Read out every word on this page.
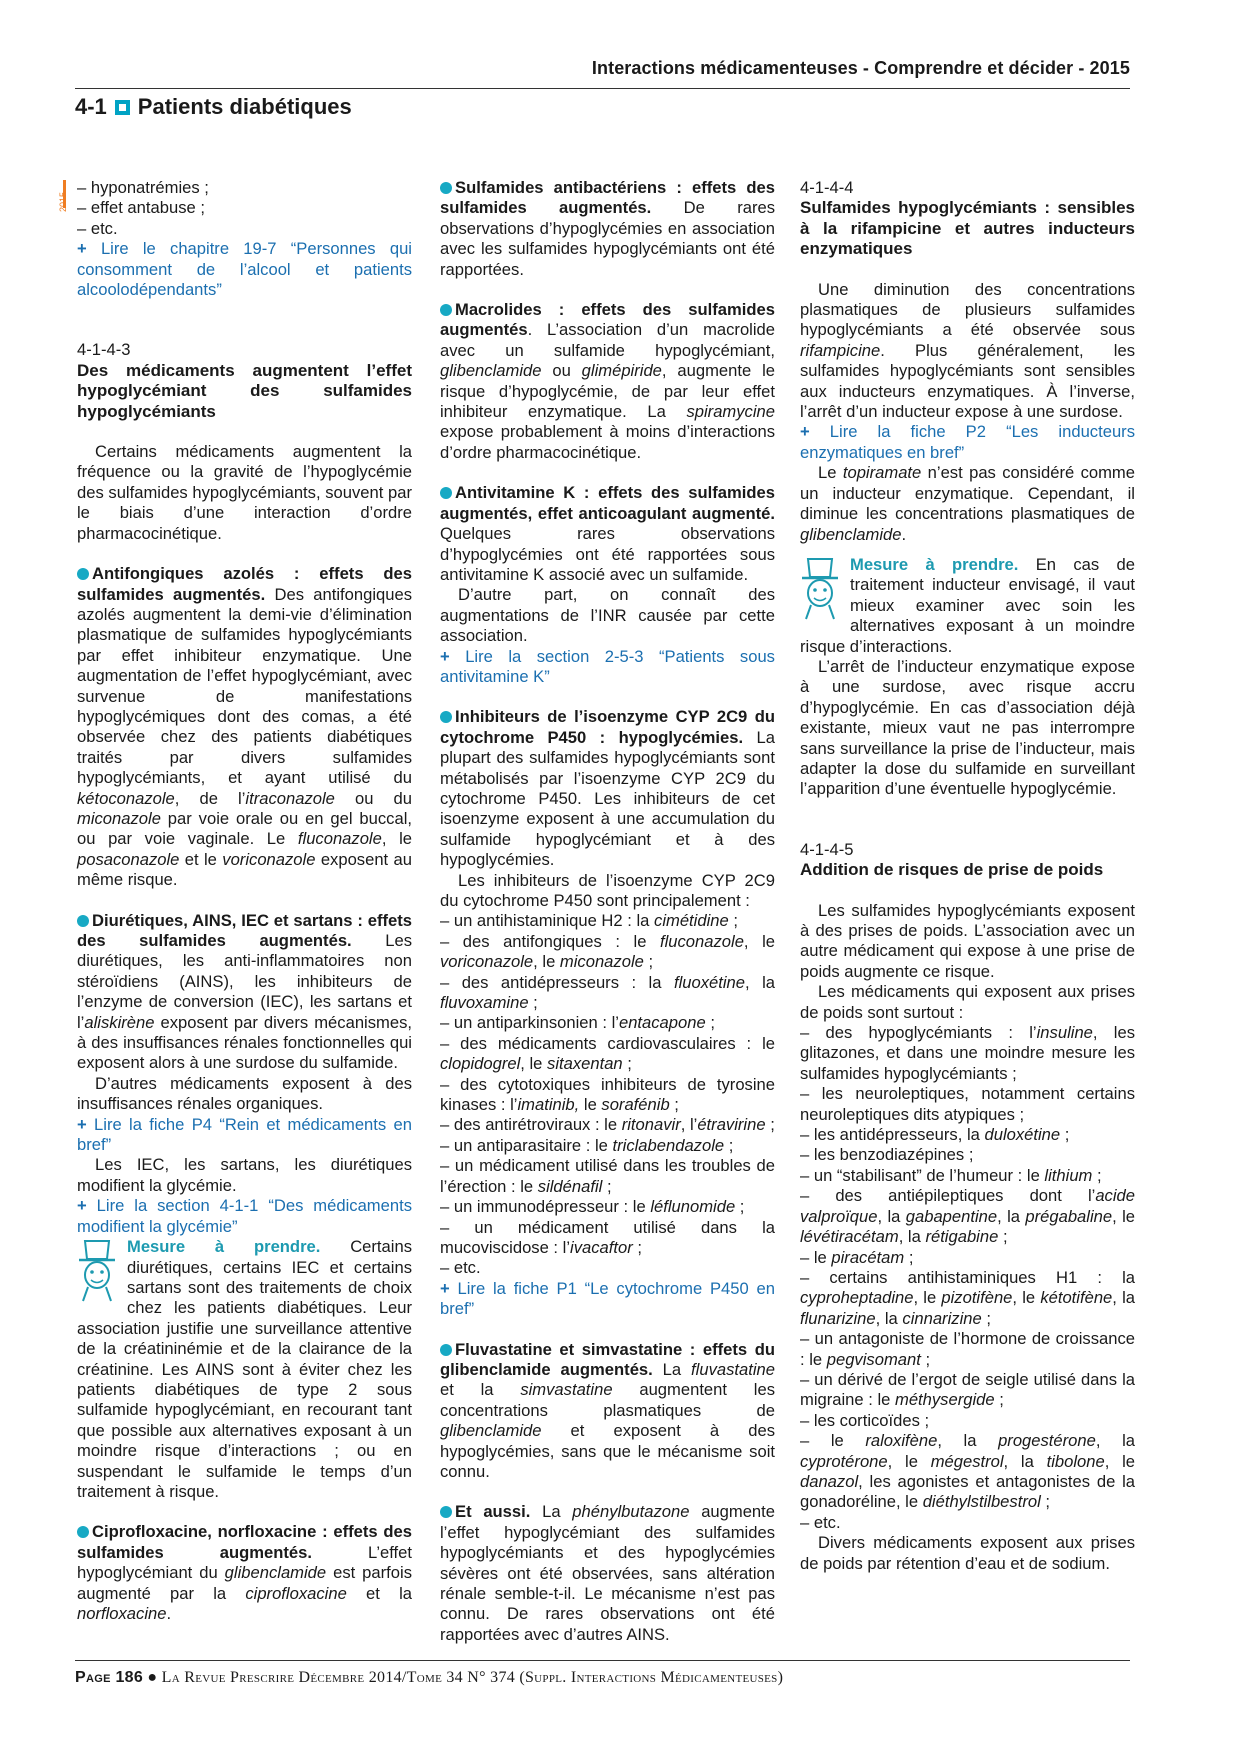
Interactions médicamenteuses - Comprendre et décider - 2015
4-1 Patients diabétiques
2015

– hyponatrémies ;

– effet antabuse ;

– etc.

+ Lire le chapitre 19-7 “Personnes qui consomment de l’alcool et patients alcoolodépendants”

4-1-4-3

Des médicaments augmentent l’effet hypoglycémiant des sulfamides hypoglycémiants

Certains médicaments augmentent la fréquence ou la gravité de l’hypoglycémie des sulfamides hypoglycémiants, souvent par le biais d’une interaction d’ordre pharmacocinétique.

Antifongiques azolés : effets des sulfamides augmentés. Des antifongiques azolés augmentent la demi-vie d’élimination plasmatique de sulfamides hypoglycémiants par effet inhibiteur enzymatique. Une augmentation de l’effet hypoglycémiant, avec survenue de manifestations hypoglycémiques dont des comas, a été observée chez des patients diabétiques traités par divers sulfamides hypoglycémiants, et ayant utilisé du kétoconazole, de l’itraconazole ou du miconazole par voie orale ou en gel buccal, ou par voie vaginale. Le fluconazole, le posaconazole et le voriconazole exposent au même risque.

Diurétiques, AINS, IEC et sartans : effets des sulfamides augmentés. Les diurétiques, les anti-inflammatoires non stéroïdiens (AINS), les inhibiteurs de l’enzyme de conversion (IEC), les sartans et l’aliskirène exposent par divers mécanismes, à des insuffisances rénales fonctionnelles qui exposent alors à une surdose du sulfamide.

D’autres médicaments exposent à des insuffisances rénales organiques.

+ Lire la fiche P4 “Rein et médicaments en bref”

Les IEC, les sartans, les diurétiques modifient la glycémie.

+ Lire la section 4-1-1 “Des médicaments modifient la glycémie”

Mesure à prendre. Certains diurétiques, certains IEC et certains sartans sont des traitements de choix chez les patients diabétiques. Leur association justifie une surveillance attentive de la créatininémie et de la clairance de la créatinine. Les AINS sont à éviter chez les patients diabétiques de type 2 sous sulfamide hypoglycémiant, en recourant tant que possible aux alternatives exposant à un moindre risque d’interactions ; ou en suspendant le sulfamide le temps d’un traitement à risque.

Ciprofloxacine, norfloxacine : effets des sulfamides augmentés. L’effet hypoglycémiant du glibenclamide est parfois augmenté par la ciprofloxacine et la norfloxacine.

Sulfamides antibactériens : effets des sulfamides augmentés. De rares observations d’hypoglycémies en association avec les sulfamides hypoglycémiants ont été rapportées.

Macrolides : effets des sulfamides augmentés. L’association d’un macrolide avec un sulfamide hypoglycémiant, glibenclamide ou glimépiride, augmente le risque d’hypoglycémie, de par leur effet inhibiteur enzymatique. La spiramycine expose probablement à moins d’interactions d’ordre pharmacocinétique.

Antivitamine K : effets des sulfamides augmentés, effet anticoagulant augmenté. Quelques rares observations d’hypoglycémies ont été rapportées sous antivitamine K associé avec un sulfamide.

D’autre part, on connaît des augmentations de l’INR causée par cette association.

+ Lire la section 2-5-3 “Patients sous antivitamine K”

Inhibiteurs de l’isoenzyme CYP 2C9 du cytochrome P450 : hypoglycémies. La plupart des sulfamides hypoglycémiants sont métabolisés par l’isoenzyme CYP 2C9 du cytochrome P450. Les inhibiteurs de cet isoenzyme exposent à une accumulation du sulfamide hypoglycémiant et à des hypoglycémies.

Les inhibiteurs de l’isoenzyme CYP 2C9 du cytochrome P450 sont principalement :

– un antihistaminique H2 : la cimétidine ;

– des antifongiques : le fluconazole, le voriconazole, le miconazole ;

– des antidépresseurs : la fluoxétine, la fluvoxamine ;

– un antiparkinsonien : l’entacapone ;

– des médicaments cardiovasculaires : le clopidogrel, le sitaxentan ;

– des cytotoxiques inhibiteurs de tyrosine kinases : l’imatinib, le sorafénib ;

– des antirétroviraux : le ritonavir, l’étravirine ;

– un antiparasitaire : le triclabendazole ;

– un médicament utilisé dans les troubles de l’érection : le sildénafil ;

– un immunodépresseur : le léflunomide ;

– un médicament utilisé dans la mucoviscidose : l’ivacaftor ;

– etc.

+ Lire la fiche P1 “Le cytochrome P450 en bref”

Fluvastatine et simvastatine : effets du glibenclamide augmentés. La fluvastatine et la simvastatine augmentent les concentrations plasmatiques de glibenclamide et exposent à des hypoglycémies, sans que le mécanisme soit connu.

Et aussi. La phénylbutazone augmente l’effet hypoglycémiant des sulfamides hypoglycémiants et des hypoglycémies sévères ont été observées, sans altération rénale semble-t-il. Le mécanisme n’est pas connu. De rares observations ont été rapportées avec d’autres AINS.

4-1-4-4

Sulfamides hypoglycémiants : sensibles à la rifampicine et autres inducteurs enzymatiques

Une diminution des concentrations plasmatiques de plusieurs sulfamides hypoglycémiants a été observée sous rifampicine. Plus généralement, les sulfamides hypoglycémiants sont sensibles aux inducteurs enzymatiques. À l’inverse, l’arrêt d’un inducteur expose à une surdose.

+ Lire la fiche P2 “Les inducteurs enzymatiques en bref”

Le topiramate n’est pas considéré comme un inducteur enzymatique. Cependant, il diminue les concentrations plasmatiques de glibenclamide.

Mesure à prendre. En cas de traitement inducteur envisagé, il vaut mieux examiner avec soin les alternatives exposant à un moindre risque d’interactions.

L’arrêt de l’inducteur enzymatique expose à une surdose, avec risque accru d’hypoglycémie. En cas d’association déjà existante, mieux vaut ne pas interrompre sans surveillance la prise de l’inducteur, mais adapter la dose du sulfamide en surveillant l’apparition d’une éventuelle hypoglycémie.

4-1-4-5

Addition de risques de prise de poids

Les sulfamides hypoglycémiants exposent à des prises de poids. L’association avec un autre médicament qui expose à une prise de poids augmente ce risque.

Les médicaments qui exposent aux prises de poids sont surtout :

– des hypoglycémiants : l’insuline, les glitazones, et dans une moindre mesure les sulfamides hypoglycémiants ;

– les neuroleptiques, notamment certains neuroleptiques dits atypiques ;

– les antidépresseurs, la duloxétine ;

– les benzodiazépines ;

– un “stabilisant” de l’humeur : le lithium ;

– des antiépileptiques dont l’acide valproïque, la gabapentine, la prégabaline, le lévétiracétam, la rétigabine ;

– le piracétam ;

– certains antihistaminiques H1 : la cyproheptadine, le pizotifène, le kétotifène, la flunarizine, la cinnarizine ;

– un antagoniste de l’hormone de croissance : le pegvisomant ;

– un dérivé de l’ergot de seigle utilisé dans la migraine : le méthysergide ;

– les corticoïdes ;

– le raloxifène, la progestérone, la cyprotérone, le mégestrol, la tibolone, le danazol, les agonistes et antagonistes de la gonadoréline, le diéthylstilbestrol ;

– etc.

Divers médicaments exposent aux prises de poids par rétention d’eau et de sodium.

Page 186 ● La Revue Prescrire Décembre 2014/Tome 34 N° 374 (Suppl. Interactions Médicamenteuses)
